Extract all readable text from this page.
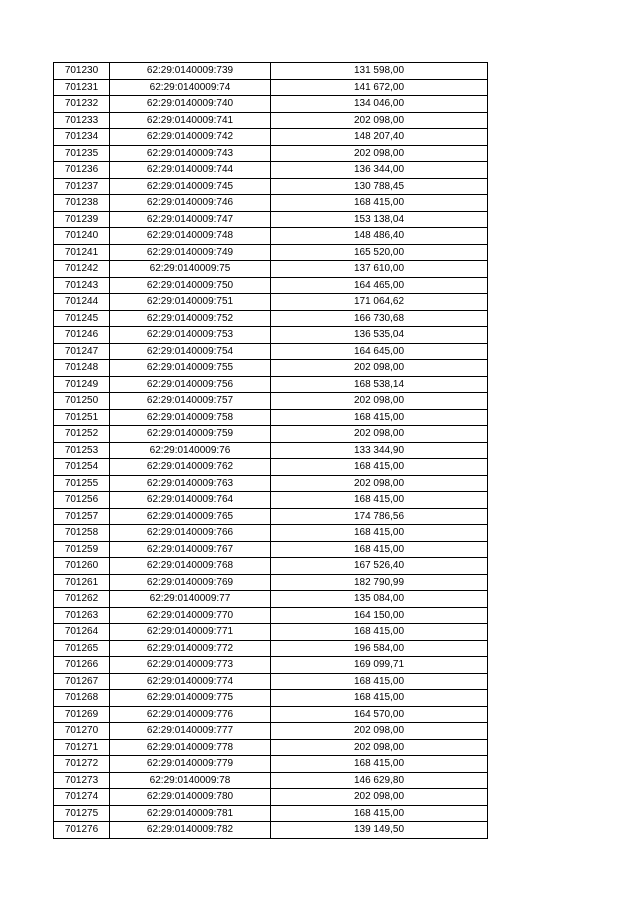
701230	62:29:0140009:739	131 598,00
701231	62:29:0140009:74	141 672,00
701232	62:29:0140009:740	134 046,00
701233	62:29:0140009:741	202 098,00
701234	62:29:0140009:742	148 207,40
701235	62:29:0140009:743	202 098,00
701236	62:29:0140009:744	136 344,00
701237	62:29:0140009:745	130 788,45
701238	62:29:0140009:746	168 415,00
701239	62:29:0140009:747	153 138,04
701240	62:29:0140009:748	148 486,40
701241	62:29:0140009:749	165 520,00
701242	62:29:0140009:75	137 610,00
701243	62:29:0140009:750	164 465,00
701244	62:29:0140009:751	171 064,62
701245	62:29:0140009:752	166 730,68
701246	62:29:0140009:753	136 535,04
701247	62:29:0140009:754	164 645,00
701248	62:29:0140009:755	202 098,00
701249	62:29:0140009:756	168 538,14
701250	62:29:0140009:757	202 098,00
701251	62:29:0140009:758	168 415,00
701252	62:29:0140009:759	202 098,00
701253	62:29:0140009:76	133 344,90
701254	62:29:0140009:762	168 415,00
701255	62:29:0140009:763	202 098,00
701256	62:29:0140009:764	168 415,00
701257	62:29:0140009:765	174 786,56
701258	62:29:0140009:766	168 415,00
701259	62:29:0140009:767	168 415,00
701260	62:29:0140009:768	167 526,40
701261	62:29:0140009:769	182 790,99
701262	62:29:0140009:77	135 084,00
701263	62:29:0140009:770	164 150,00
701264	62:29:0140009:771	168 415,00
701265	62:29:0140009:772	196 584,00
701266	62:29:0140009:773	169 099,71
701267	62:29:0140009:774	168 415,00
701268	62:29:0140009:775	168 415,00
701269	62:29:0140009:776	164 570,00
701270	62:29:0140009:777	202 098,00
701271	62:29:0140009:778	202 098,00
701272	62:29:0140009:779	168 415,00
701273	62:29:0140009:78	146 629,80
701274	62:29:0140009:780	202 098,00
701275	62:29:0140009:781	168 415,00
701276	62:29:0140009:782	139 149,50
